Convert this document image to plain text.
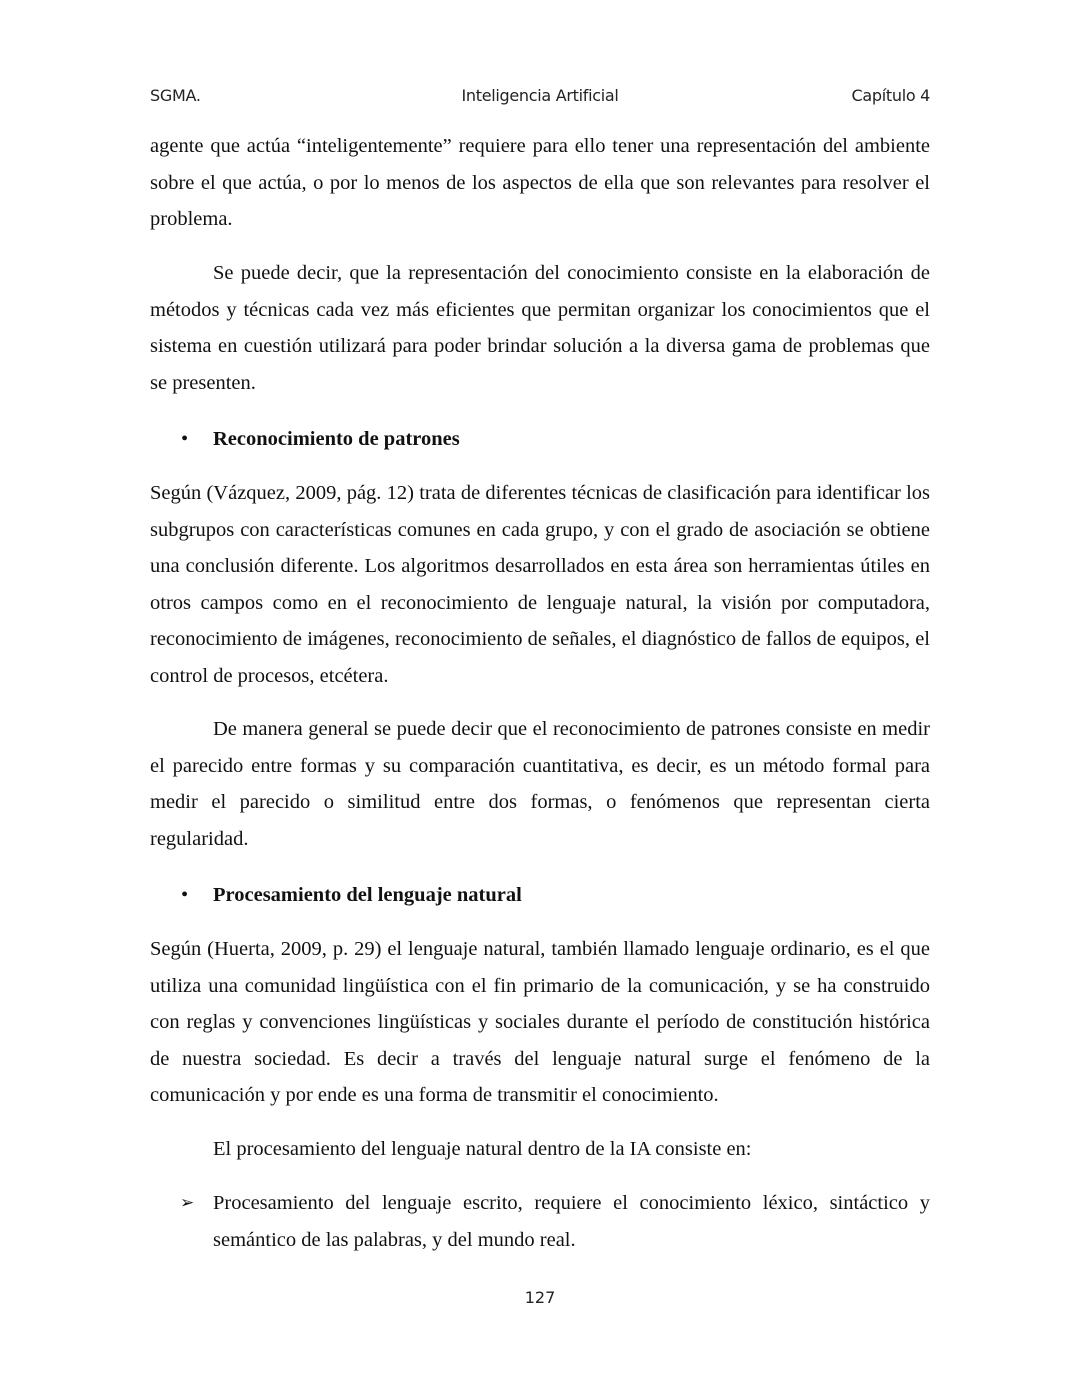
SGMA.	Inteligencia Artificial	Capítulo 4

agente que actúa “inteligentemente” requiere para ello tener una representación del ambiente sobre el que actúa, o por lo menos de los aspectos de ella que son relevantes para resolver el problema.

Se puede decir, que la representación del conocimiento consiste en la elaboración de métodos y técnicas cada vez más eficientes que permitan organizar los conocimientos que el sistema en cuestión utilizará para poder brindar solución a la diversa gama de problemas que se presenten.

• Reconocimiento de patrones

Según (Vázquez, 2009, pág. 12) trata de diferentes técnicas de clasificación para identificar los subgrupos con características comunes en cada grupo, y con el grado de asociación se obtiene una conclusión diferente. Los algoritmos desarrollados en esta área son herramientas útiles en otros campos como en el reconocimiento de lenguaje natural, la visión por computadora, reconocimiento de imágenes, reconocimiento de señales, el diagnóstico de fallos de equipos, el control de procesos, etcétera.

De manera general se puede decir que el reconocimiento de patrones consiste en medir el parecido entre formas y su comparación cuantitativa, es decir, es un método formal para medir el parecido o similitud entre dos formas, o fenómenos que representan cierta regularidad.

• Procesamiento del lenguaje natural

Según (Huerta, 2009, p. 29) el lenguaje natural, también llamado lenguaje ordinario, es el que utiliza una comunidad lingüística con el fin primario de la comunicación, y se ha construido con reglas y convenciones lingüísticas y sociales durante el período de constitución histórica de nuestra sociedad. Es decir a través del lenguaje natural surge el fenómeno de la comunicación y por ende es una forma de transmitir el conocimiento.

El procesamiento del lenguaje natural dentro de la IA consiste en:

➢ Procesamiento del lenguaje escrito, requiere el conocimiento léxico, sintáctico y semántico de las palabras, y del mundo real.

127
